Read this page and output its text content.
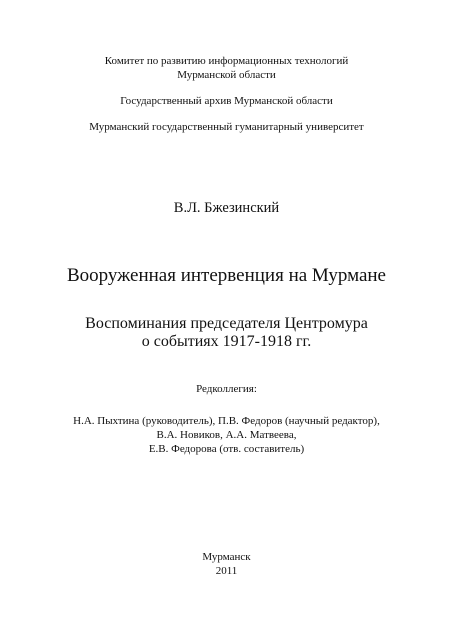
Комитет по развитию информационных технологий
Мурманской области
Государственный архив Мурманской области
Мурманский государственный гуманитарный университет
В.Л. Бжезинский
Вооруженная интервенция на Мурмане
Воспоминания председателя Центромура
о событиях 1917-1918 гг.
Редколлегия:
Н.А. Пыхтина (руководитель), П.В. Федоров (научный редактор),
В.А. Новиков, А.А. Матвеева,
Е.В. Федорова (отв. составитель)
Мурманск
2011
